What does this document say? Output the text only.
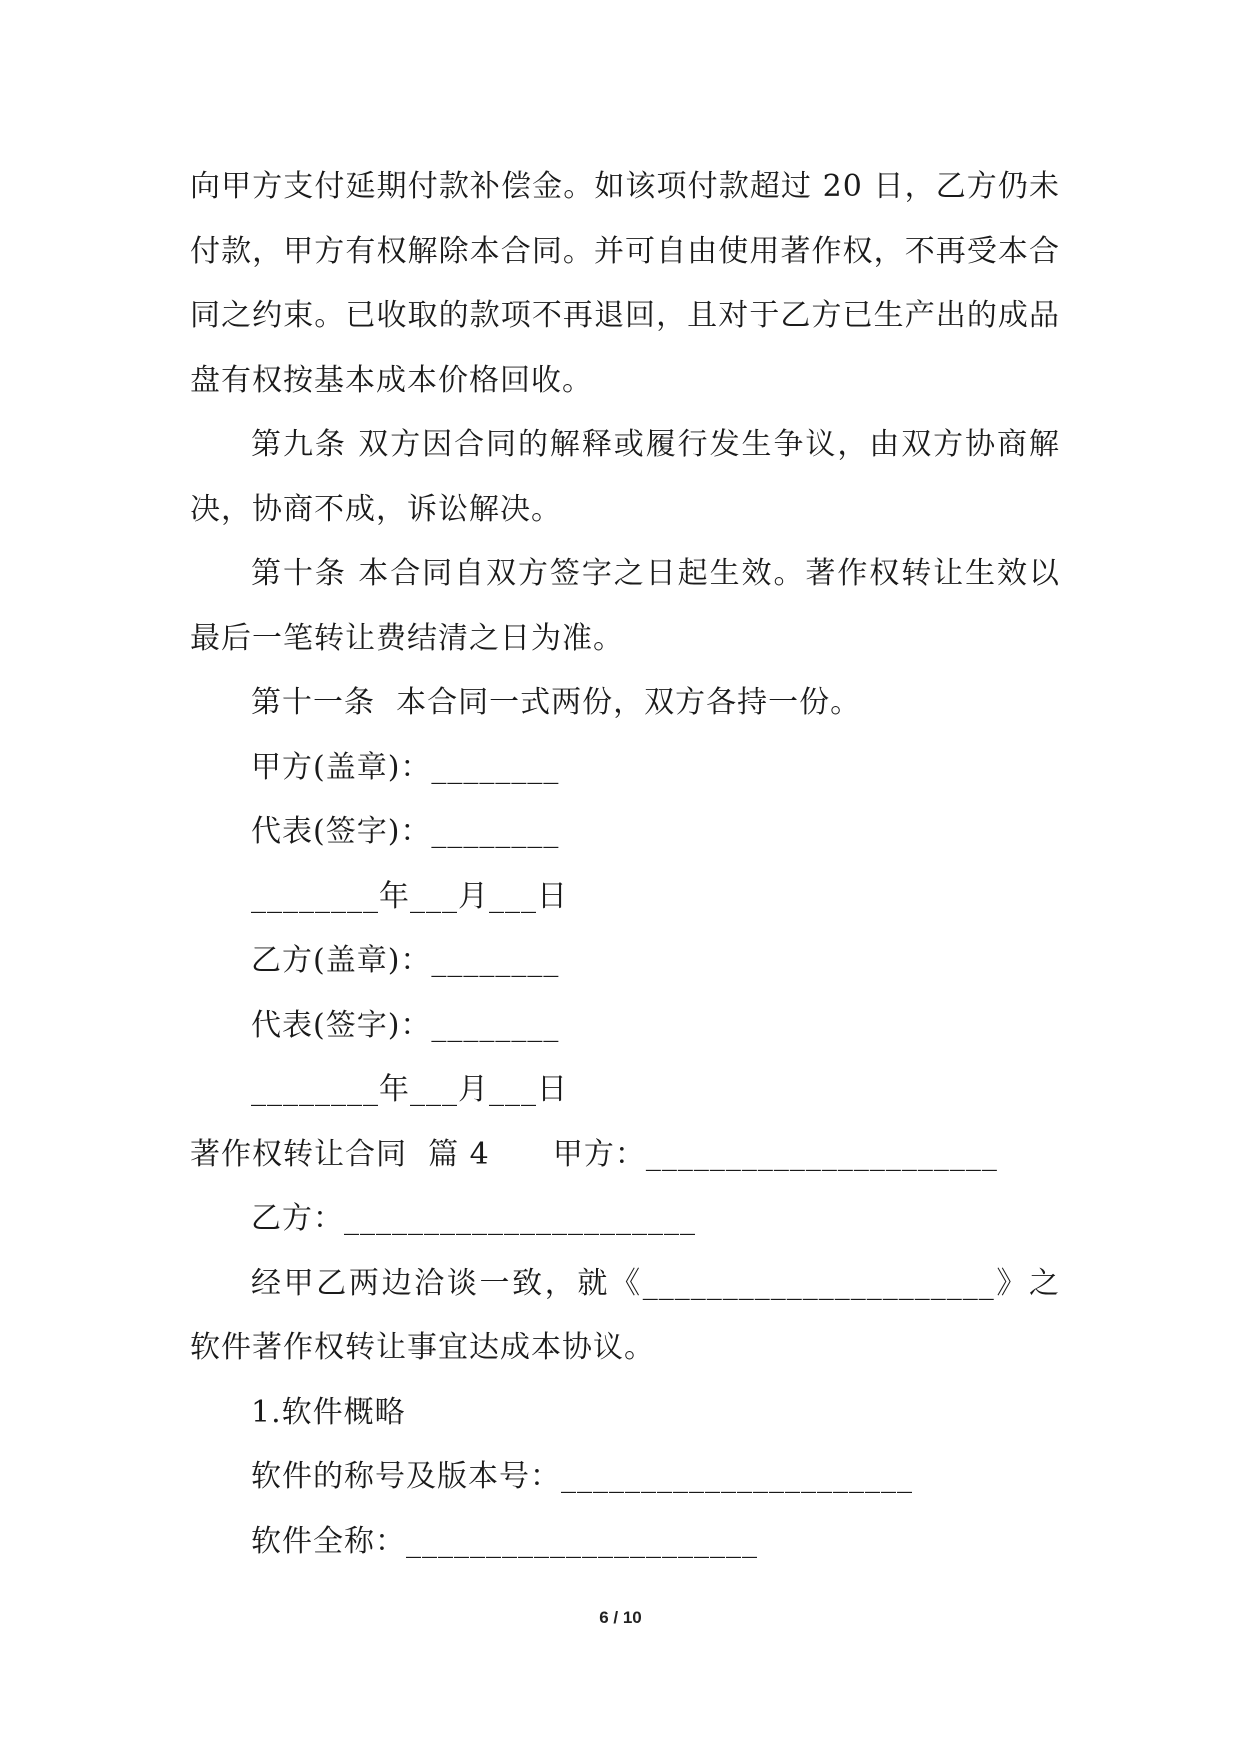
向甲方支付延期付款补偿金。如该项付款超过 20 日，乙方仍未付款，甲方有权解除本合同。并可自由使用著作权，不再受本合同之约束。已收取的款项不再退回，且对于乙方已生产出的成品盘有权按基本成本价格回收。

第九条 双方因合同的解释或履行发生争议，由双方协商解决，协商不成，诉讼解决。

第十条 本合同自双方签字之日起生效。著作权转让生效以最后一笔转让费结清之日为准。

第十一条  本合同一式两份，双方各持一份。

甲方(盖章)：________

代表(签字)：________

________年___月___日

乙方(盖章)：________

代表(签字)：________

________年___月___日

著作权转让合同  篇 4      甲方：______________________

乙方：______________________

经甲乙两边洽谈一致，就《______________________》之软件著作权转让事宜达成本协议。

1.软件概略

软件的称号及版本号：______________________

软件全称：______________________

6 / 10
